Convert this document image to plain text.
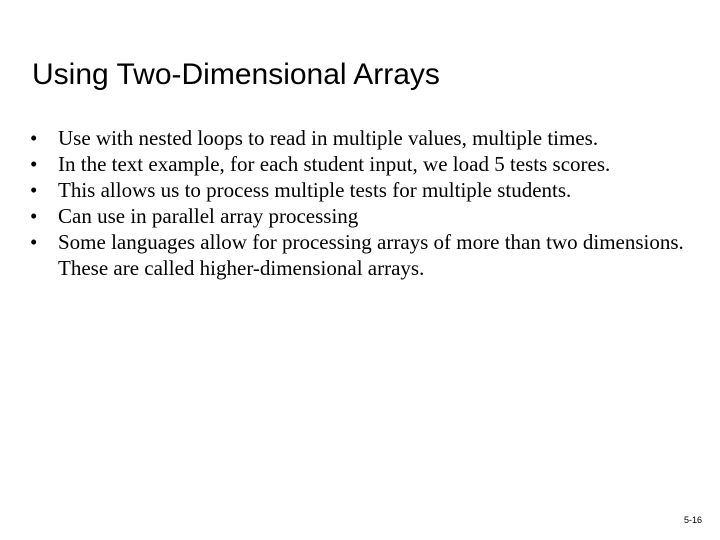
Using Two-Dimensional Arrays
• Use with nested loops to read in multiple values, multiple times.
• In the text example, for each student input, we load 5 tests scores.
• This allows us to process multiple tests for multiple students.
• Can use in parallel array processing
• Some languages allow for processing arrays of more than two dimensions. These are called higher-dimensional arrays.
5-16
